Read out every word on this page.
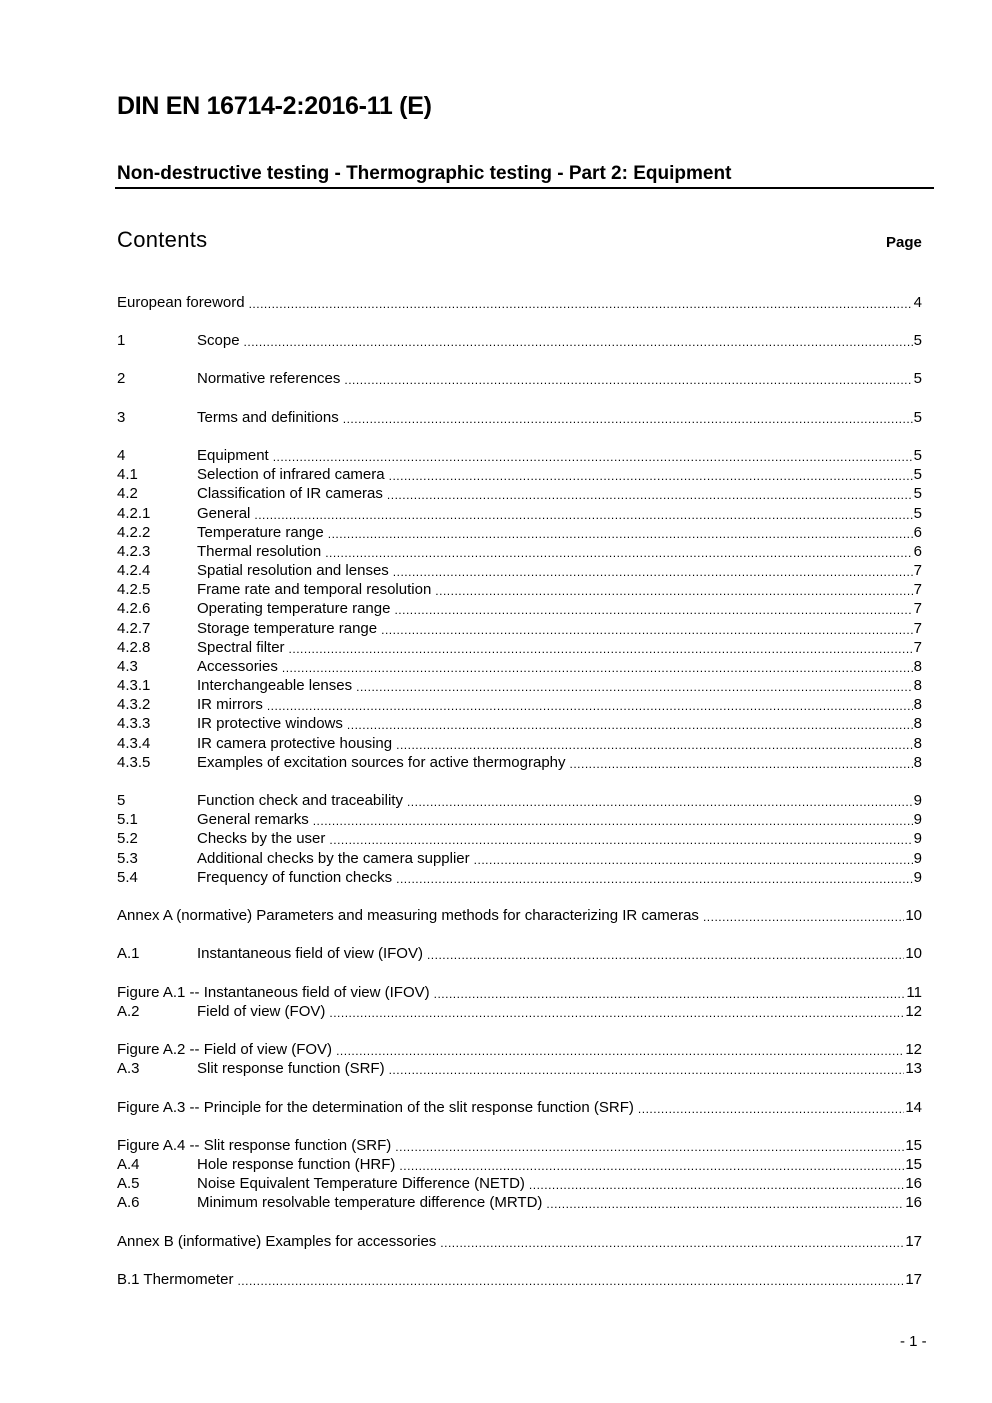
DIN EN 16714-2:2016-11 (E)
Non-destructive testing - Thermographic testing - Part 2: Equipment
Contents	Page
European foreword .....	4
1	Scope .....	5
2	Normative references .....	5
3	Terms and definitions .....	5
4	Equipment .....	5
4.1	Selection of infrared camera .....	5
4.2	Classification of IR cameras .....	5
4.2.1	General .....	5
4.2.2	Temperature range .....	6
4.2.3	Thermal resolution .....	6
4.2.4	Spatial resolution and lenses .....	7
4.2.5	Frame rate and temporal resolution .....	7
4.2.6	Operating temperature range .....	7
4.2.7	Storage temperature range .....	7
4.2.8	Spectral filter .....	7
4.3	Accessories .....	8
4.3.1	Interchangeable lenses .....	8
4.3.2	IR mirrors .....	8
4.3.3	IR protective windows .....	8
4.3.4	IR camera protective housing .....	8
4.3.5	Examples of excitation sources for active thermography .....	8
5	Function check and traceability .....	9
5.1	General remarks .....	9
5.2	Checks by the user .....	9
5.3	Additional checks by the camera supplier .....	9
5.4	Frequency of function checks .....	9
Annex A (normative) Parameters and measuring methods for characterizing IR cameras .....	10
A.1	Instantaneous field of view (IFOV) .....	10
Figure A.1 -- Instantaneous field of view (IFOV) .....	11
A.2	Field of view (FOV) .....	12
Figure A.2 -- Field of view (FOV) .....	12
A.3	Slit response function (SRF) .....	13
Figure A.3 -- Principle for the determination of the slit response function (SRF) .....	14
Figure A.4 -- Slit response function (SRF) .....	15
A.4	Hole response function (HRF) .....	15
A.5	Noise Equivalent Temperature Difference (NETD) .....	16
A.6	Minimum resolvable temperature difference (MRTD) .....	16
Annex B (informative) Examples for accessories .....	17
B.1 Thermometer .....	17
- 1 -
